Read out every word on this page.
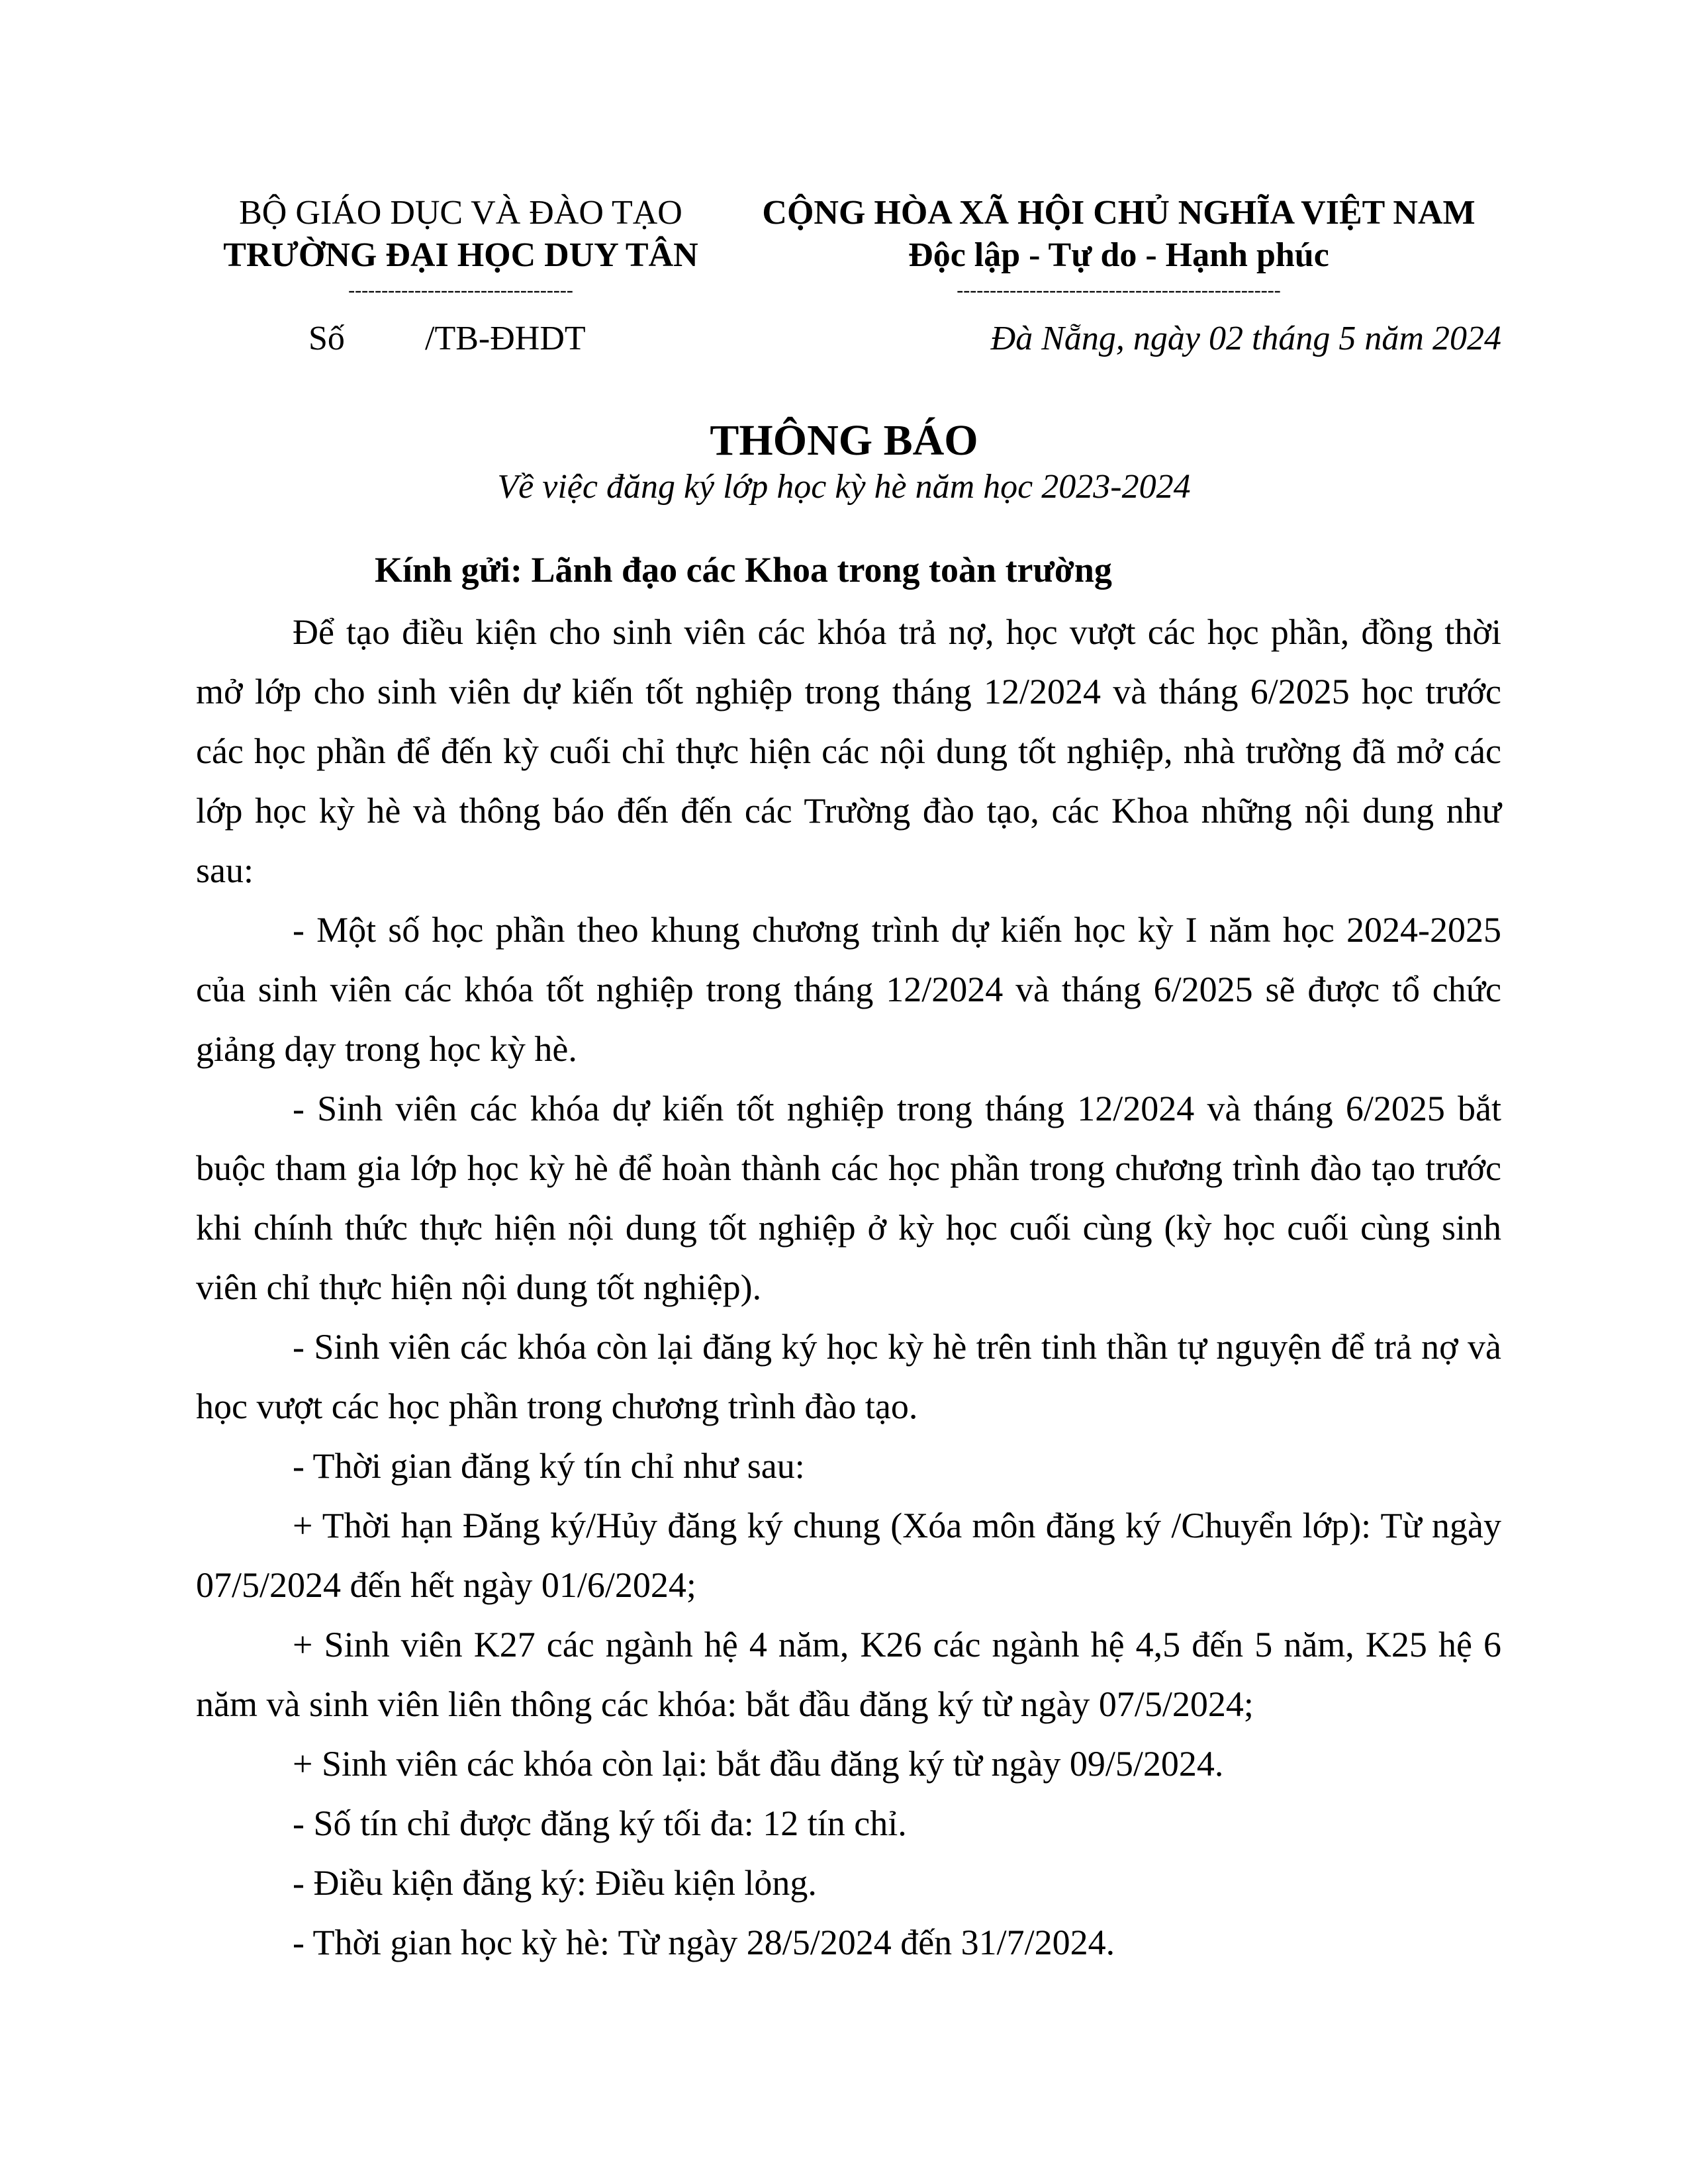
BỘ GIÁO DỤC VÀ ĐÀO TẠO
TRƯỜNG ĐẠI HỌC DUY TÂN
----------------------------------
CỘNG HÒA XÃ HỘI CHỦ NGHĨA VIỆT NAM
Độc lập - Tự do - Hạnh phúc
-------------------------------------------------
Số /TB-ĐHDT	Đà Nẵng, ngày 02 tháng 5 năm 2024
THÔNG BÁO
Về việc đăng ký lớp học kỳ hè năm học 2023-2024
Kính gửi: Lãnh đạo các Khoa trong toàn trường

Để tạo điều kiện cho sinh viên các khóa trả nợ, học vượt các học phần, đồng thời mở lớp cho sinh viên dự kiến tốt nghiệp trong tháng 12/2024 và tháng 6/2025 học trước các học phần để đến kỳ cuối chỉ thực hiện các nội dung tốt nghiệp, nhà trường đã mở các lớp học kỳ hè và thông báo đến đến các Trường đào tạo, các Khoa những nội dung như sau:

- Một số học phần theo khung chương trình dự kiến học kỳ I năm học 2024-2025 của sinh viên các khóa tốt nghiệp trong tháng 12/2024 và tháng 6/2025 sẽ được tổ chức giảng dạy trong học kỳ hè.

- Sinh viên các khóa dự kiến tốt nghiệp trong tháng 12/2024 và tháng 6/2025 bắt buộc tham gia lớp học kỳ hè để hoàn thành các học phần trong chương trình đào tạo trước khi chính thức thực hiện nội dung tốt nghiệp ở kỳ học cuối cùng (kỳ học cuối cùng sinh viên chỉ thực hiện nội dung tốt nghiệp).

- Sinh viên các khóa còn lại đăng ký học kỳ hè trên tinh thần tự nguyện để trả nợ và học vượt các học phần trong chương trình đào tạo.

- Thời gian đăng ký tín chỉ như sau:

+ Thời hạn Đăng ký/Hủy đăng ký chung (Xóa môn đăng ký /Chuyển lớp): Từ ngày 07/5/2024 đến hết ngày 01/6/2024;

+ Sinh viên K27 các ngành hệ 4 năm, K26 các ngành hệ 4,5 đến 5 năm, K25 hệ 6 năm và sinh viên liên thông các khóa: bắt đầu đăng ký từ ngày 07/5/2024;

+ Sinh viên các khóa còn lại: bắt đầu đăng ký từ ngày 09/5/2024.

- Số tín chỉ được đăng ký tối đa: 12 tín chỉ.

- Điều kiện đăng ký: Điều kiện lỏng.

- Thời gian học kỳ hè: Từ ngày 28/5/2024 đến 31/7/2024.
